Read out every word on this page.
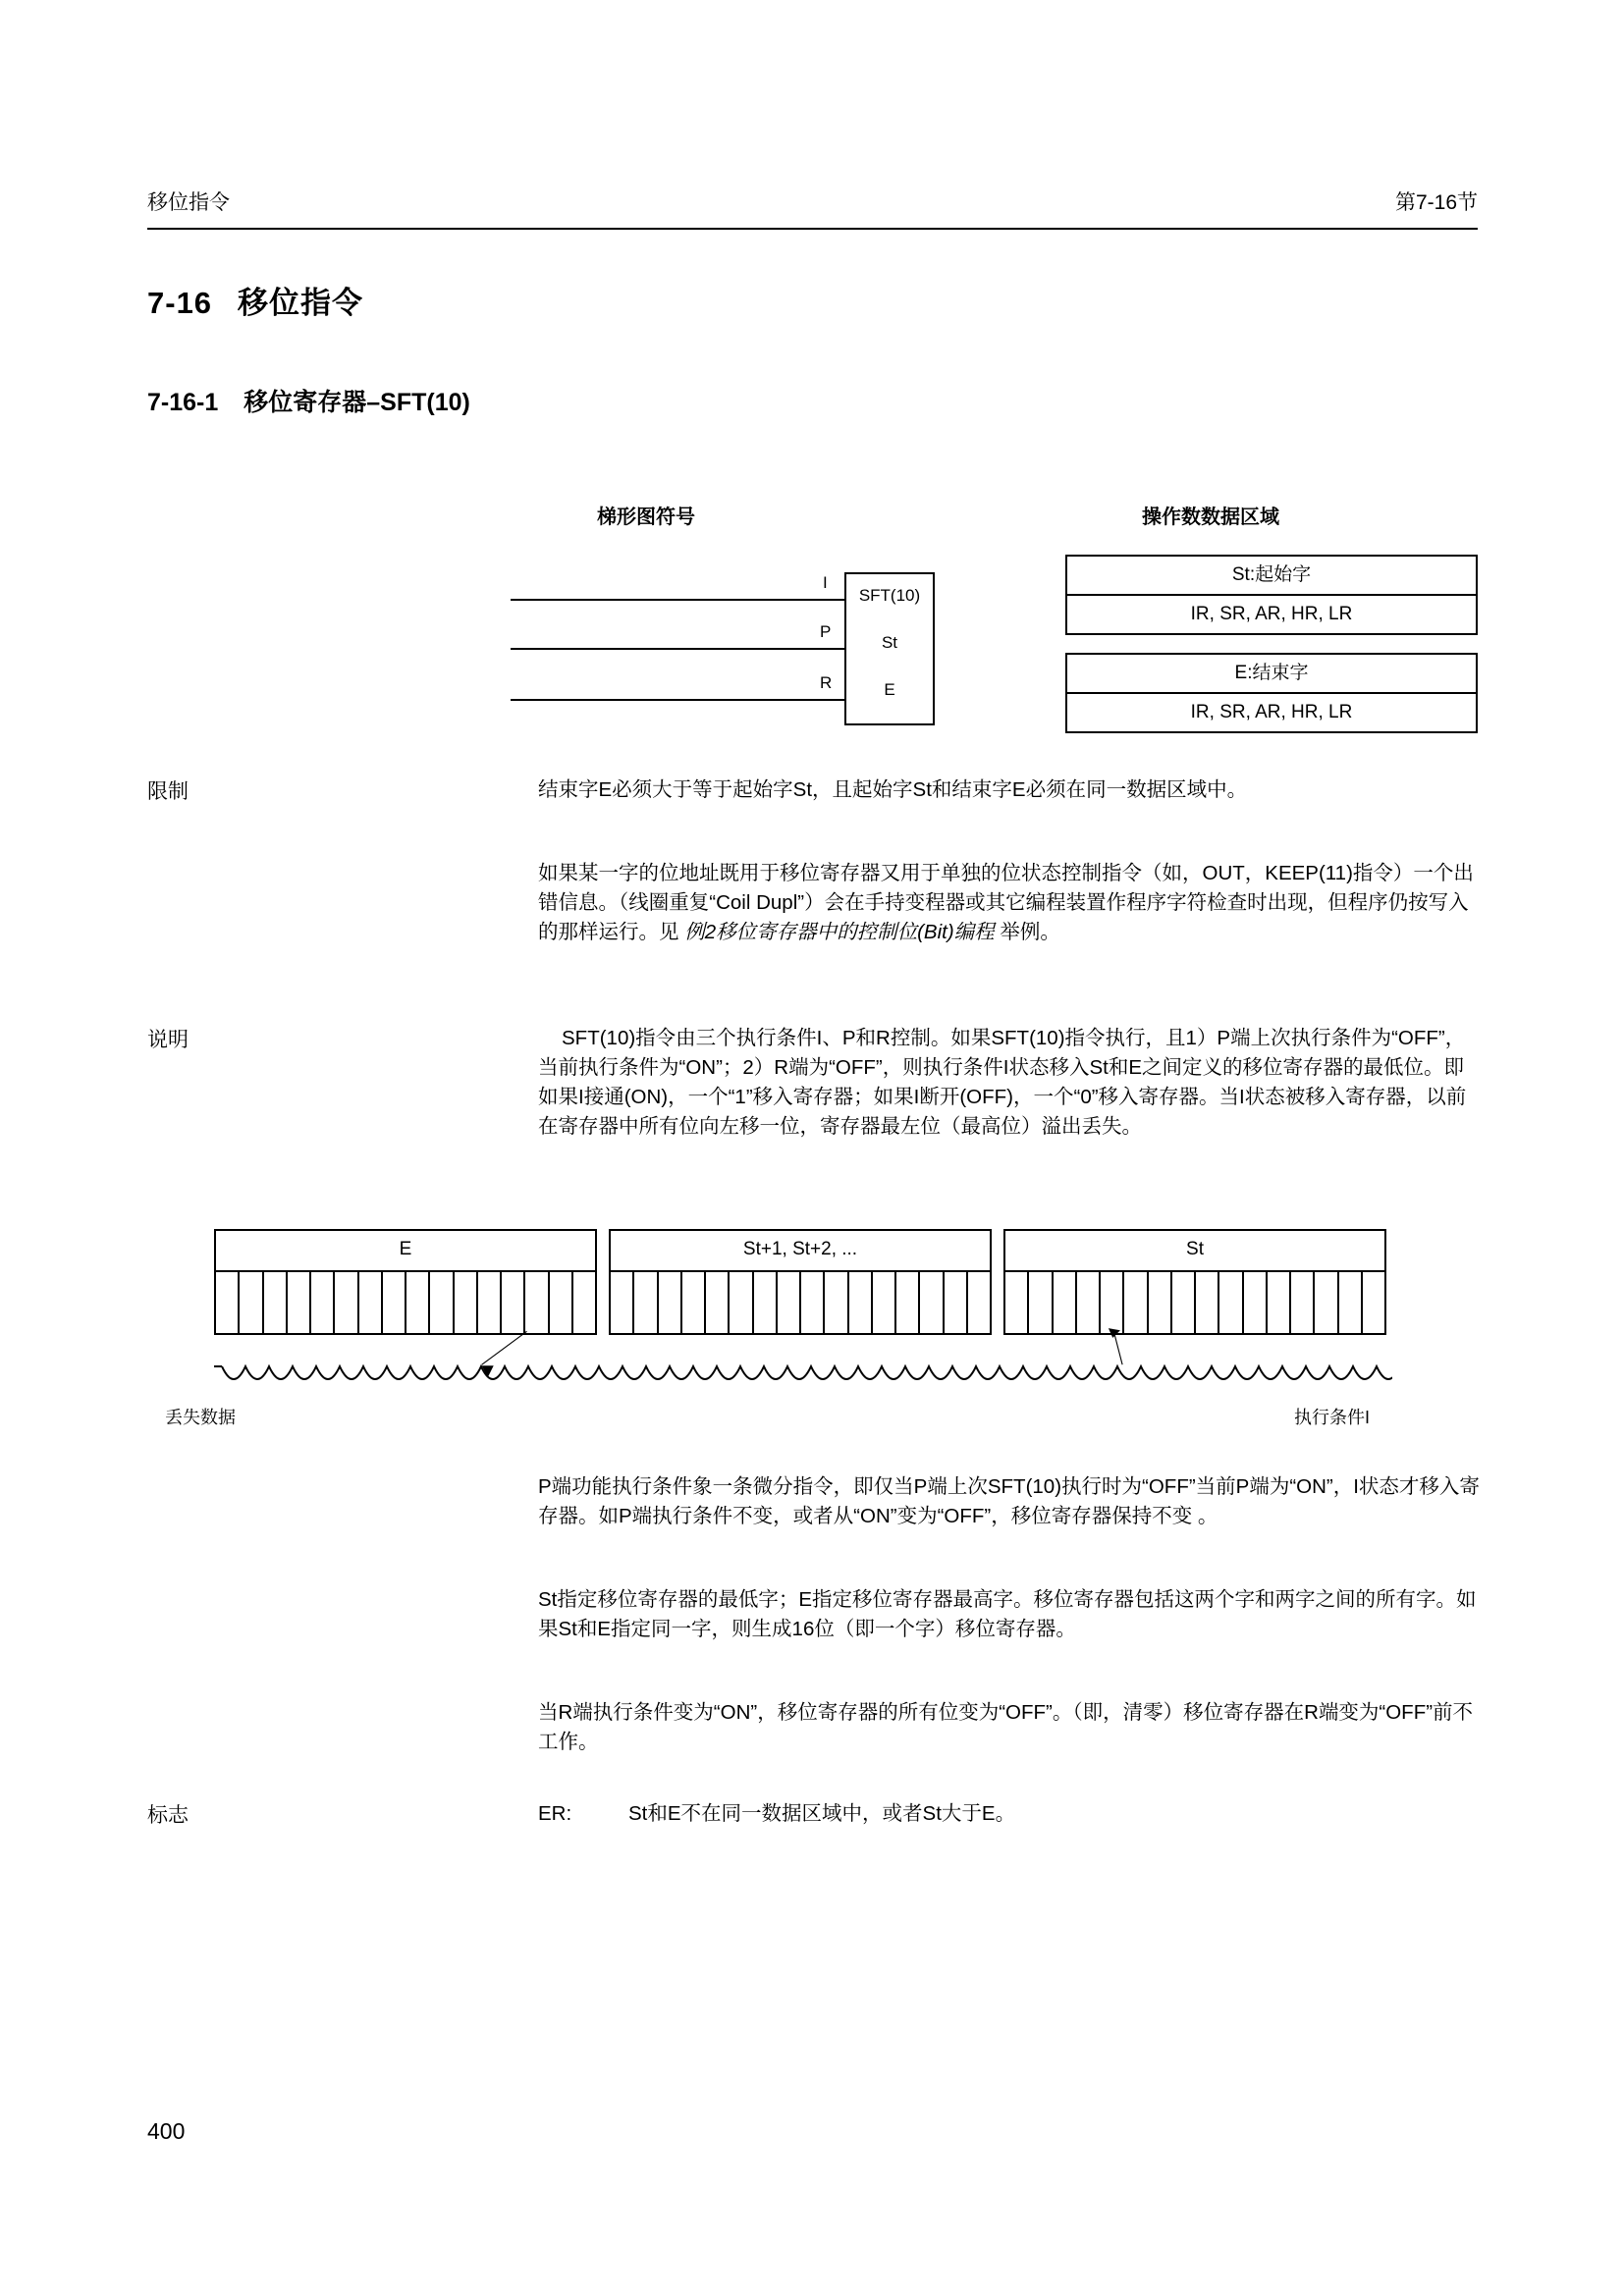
移位指令	第7-16节
7-16 移位指令
7-16-1 移位寄存器–SFT(10)
梯形图符号	操作数数据区域
I
P
R
SFT(10)
St
E
St:起始字
IR, SR, AR, HR, LR
E:结束字
IR, SR, AR, HR, LR
限制	结束字E必须大于等于起始字St，且起始字St和结束字E必须在同一数据区域中。
如果某一字的位地址既用于移位寄存器又用于单独的位状态控制指令（如，OUT，KEEP(11)指令）一个出错信息。（线圈重复“Coil Dupl”）会在手持变程器或其它编程装置作程序字符检查时出现，但程序仍按写入的那样运行。见 例2移位寄存器中的控制位(Bit)编程 举例。
说明	SFT(10)指令由三个执行条件I、P和R控制。如果SFT(10)指令执行，且1）P端上次执行条件为“OFF”，当前执行条件为“ON”；2）R端为“OFF”，则执行条件I状态移入St和E之间定义的移位寄存器的最低位。即如果I接通(ON)，一个“1”移入寄存器；如果I断开(OFF)，一个“0”移入寄存器。当I状态被移入寄存器，以前在寄存器中所有位向左移一位，寄存器最左位（最高位）溢出丢失。
E	St+1, St+2, ...	St
丢失数据	执行条件I
P端功能执行条件象一条微分指令，即仅当P端上次SFT(10)执行时为“OFF”当前P端为“ON”，I状态才移入寄存器。如P端执行条件不变，或者从“ON”变为“OFF”，移位寄存器保持不变 。
St指定移位寄存器的最低字；E指定移位寄存器最高字。移位寄存器包括这两个字和两字之间的所有字。如果St和E指定同一字，则生成16位（即一个字）移位寄存器。
当R端执行条件变为“ON”，移位寄存器的所有位变为“OFF”。（即，清零）移位寄存器在R端变为“OFF”前不工作。
标志	ER:	St和E不在同一数据区域中，或者St大于E。
400
